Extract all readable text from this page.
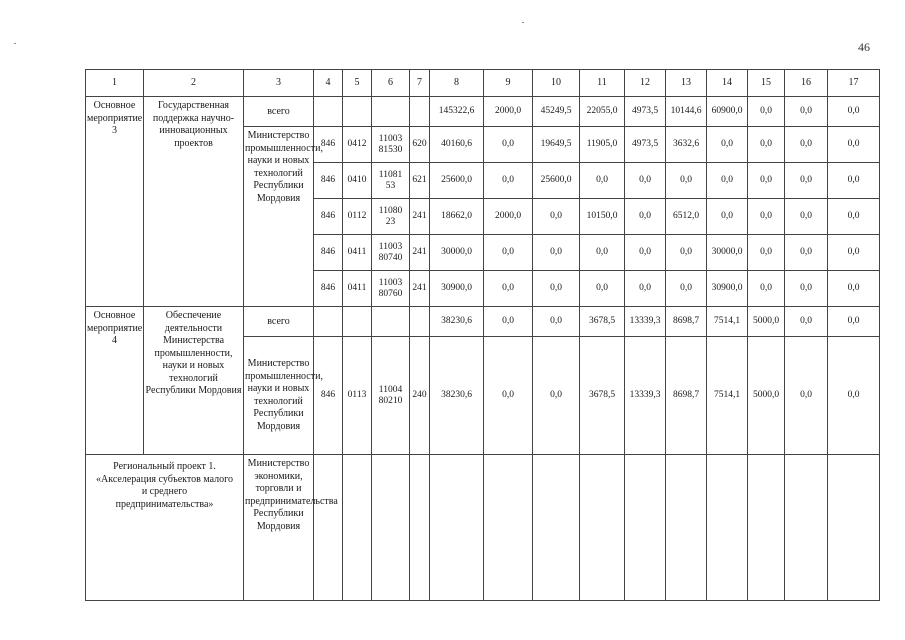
46
1	2	3	4	5	6	7	8	9	10	11	12	13	14	15	16	17
Основное мероприятие 3	Государственная поддержка научно-инновационных проектов	всего					145322,6	2000,0	45249,5	22055,0	4973,5	10144,6	60900,0	0,0	0,0	0,0
		Министерство промышленности, науки и новых технологий Республики Мордовия	846	0412	11003 81530	620	40160,6	0,0	19649,5	11905,0	4973,5	3632,6	0,0	0,0	0,0	0,0
			846	0410	11081 53	621	25600,0	0,0	25600,0	0,0	0,0	0,0	0,0	0,0	0,0	0,0
			846	0112	11080 23	241	18662,0	2000,0	0,0	10150,0	0,0	6512,0	0,0	0,0	0,0	0,0
			846	0411	11003 80740	241	30000,0	0,0	0,0	0,0	0,0	0,0	30000,0	0,0	0,0	0,0
			846	0411	11003 80760	241	30900,0	0,0	0,0	0,0	0,0	0,0	30900,0	0,0	0,0	0,0
Основное мероприятие 4	Обеспечение деятельности Министерства промышленности, науки и новых технологий Республики Мордовия	всего					38230,6	0,0	0,0	3678,5	13339,3	8698,7	7514,1	5000,0	0,0	0,0
		Министерство промышленности, науки и новых технологий Республики Мордовия	846	0113	11004 80210	240	38230,6	0,0	0,0	3678,5	13339,3	8698,7	7514,1	5000,0	0,0	0,0
Региональный проект 1. «Акселерация субъектов малого и среднего предпринимательства»		Министерство экономики, торговли и предпринимательства Республики Мордовия														
